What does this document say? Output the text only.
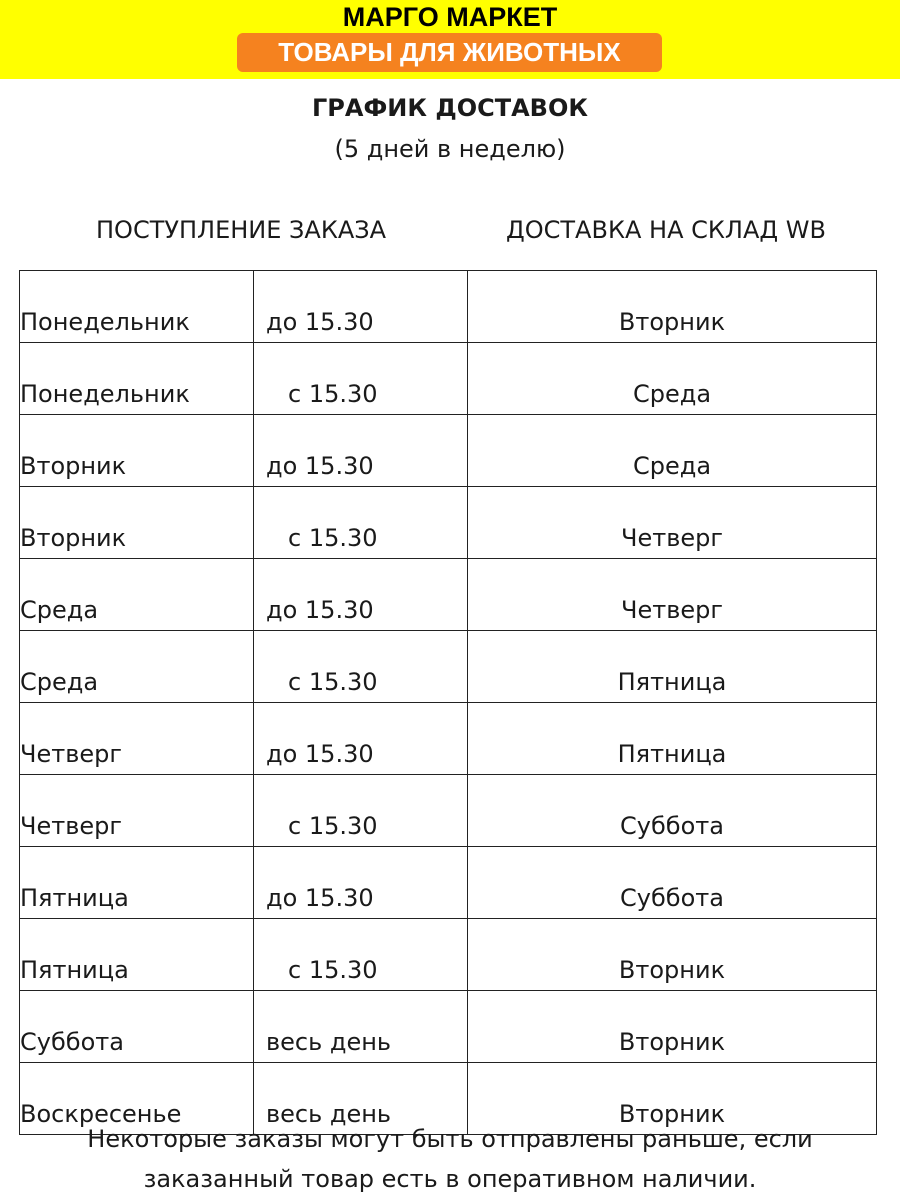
МАРГО МАРКЕТ
ТОВАРЫ ДЛЯ ЖИВОТНЫХ
ГРАФИК ДОСТАВОК
(5 дней в неделю)
ПОСТУПЛЕНИЕ ЗАКАЗА	ДОСТАВКА НА СКЛАД WB
Понедельник	до 15.30	Вторник
Понедельник	с 15.30	Среда
Вторник	до 15.30	Среда
Вторник	с 15.30	Четверг
Среда	до 15.30	Четверг
Среда	с 15.30	Пятница
Четверг	до 15.30	Пятница
Четверг	с 15.30	Суббота
Пятница	до 15.30	Суббота
Пятница	с 15.30	Вторник
Суббота	весь день	Вторник
Воскресенье	весь день	Вторник
Некоторые заказы могут быть отправлены раньше, если
заказанный товар есть в оперативном наличии.
